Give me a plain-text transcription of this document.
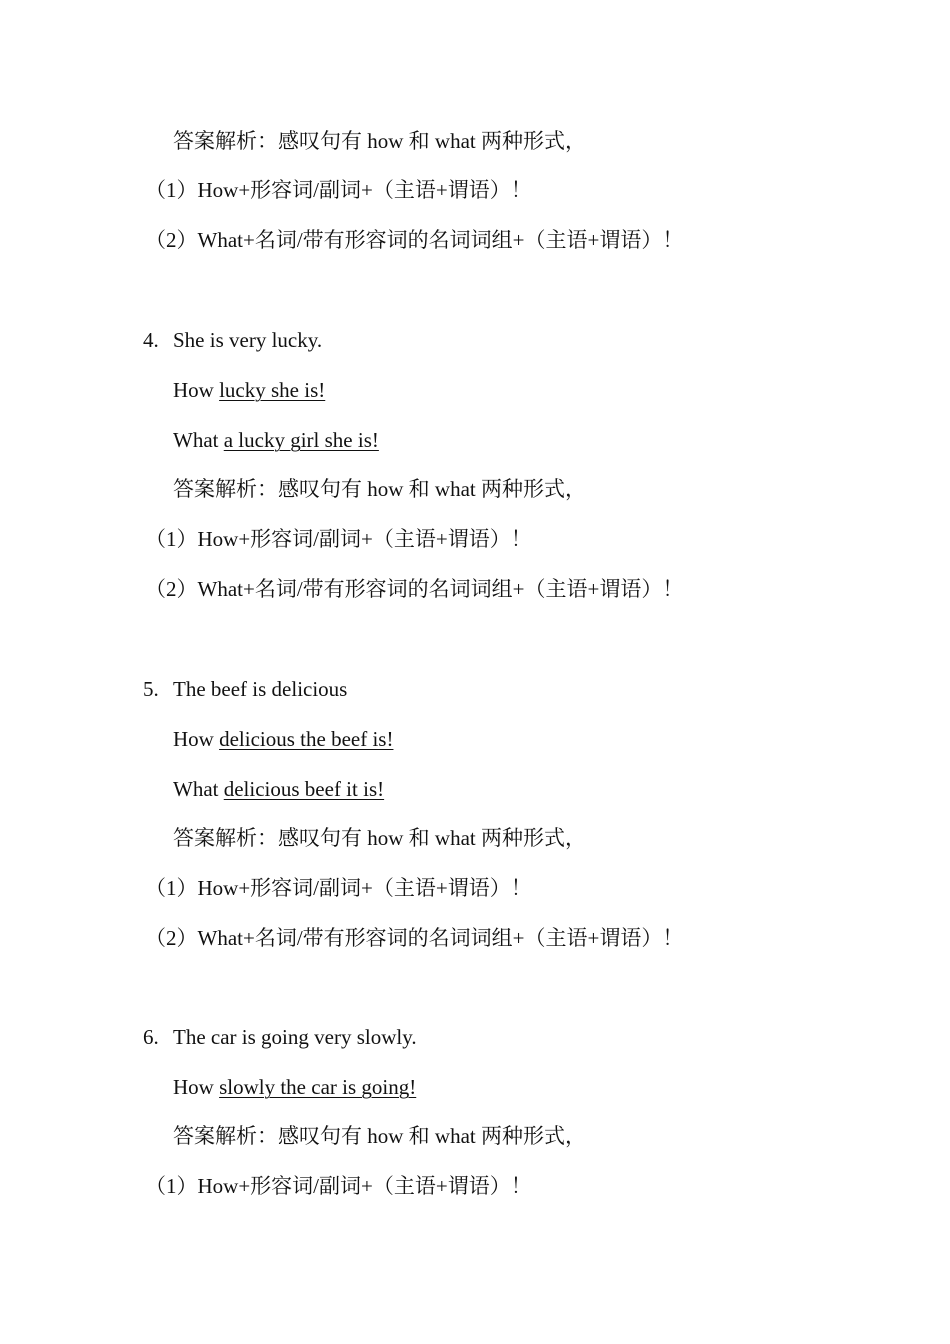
答案解析：感叹句有 how 和 what 两种形式，
（1）How+形容词/副词+（主语+谓语）！
（2）What+名词/带有形容词的名词词组+（主语+谓语）！
4. She is very lucky.
How lucky she is!
What a lucky girl she is!
答案解析：感叹句有 how 和 what 两种形式，
（1）How+形容词/副词+（主语+谓语）！
（2）What+名词/带有形容词的名词词组+（主语+谓语）！
5. The beef is delicious
How delicious the beef is!
What delicious beef it is!
答案解析：感叹句有 how 和 what 两种形式，
（1）How+形容词/副词+（主语+谓语）！
（2）What+名词/带有形容词的名词词组+（主语+谓语）！
6. The car is going very slowly.
How slowly the car is going!
答案解析：感叹句有 how 和 what 两种形式，
（1）How+形容词/副词+（主语+谓语）！
